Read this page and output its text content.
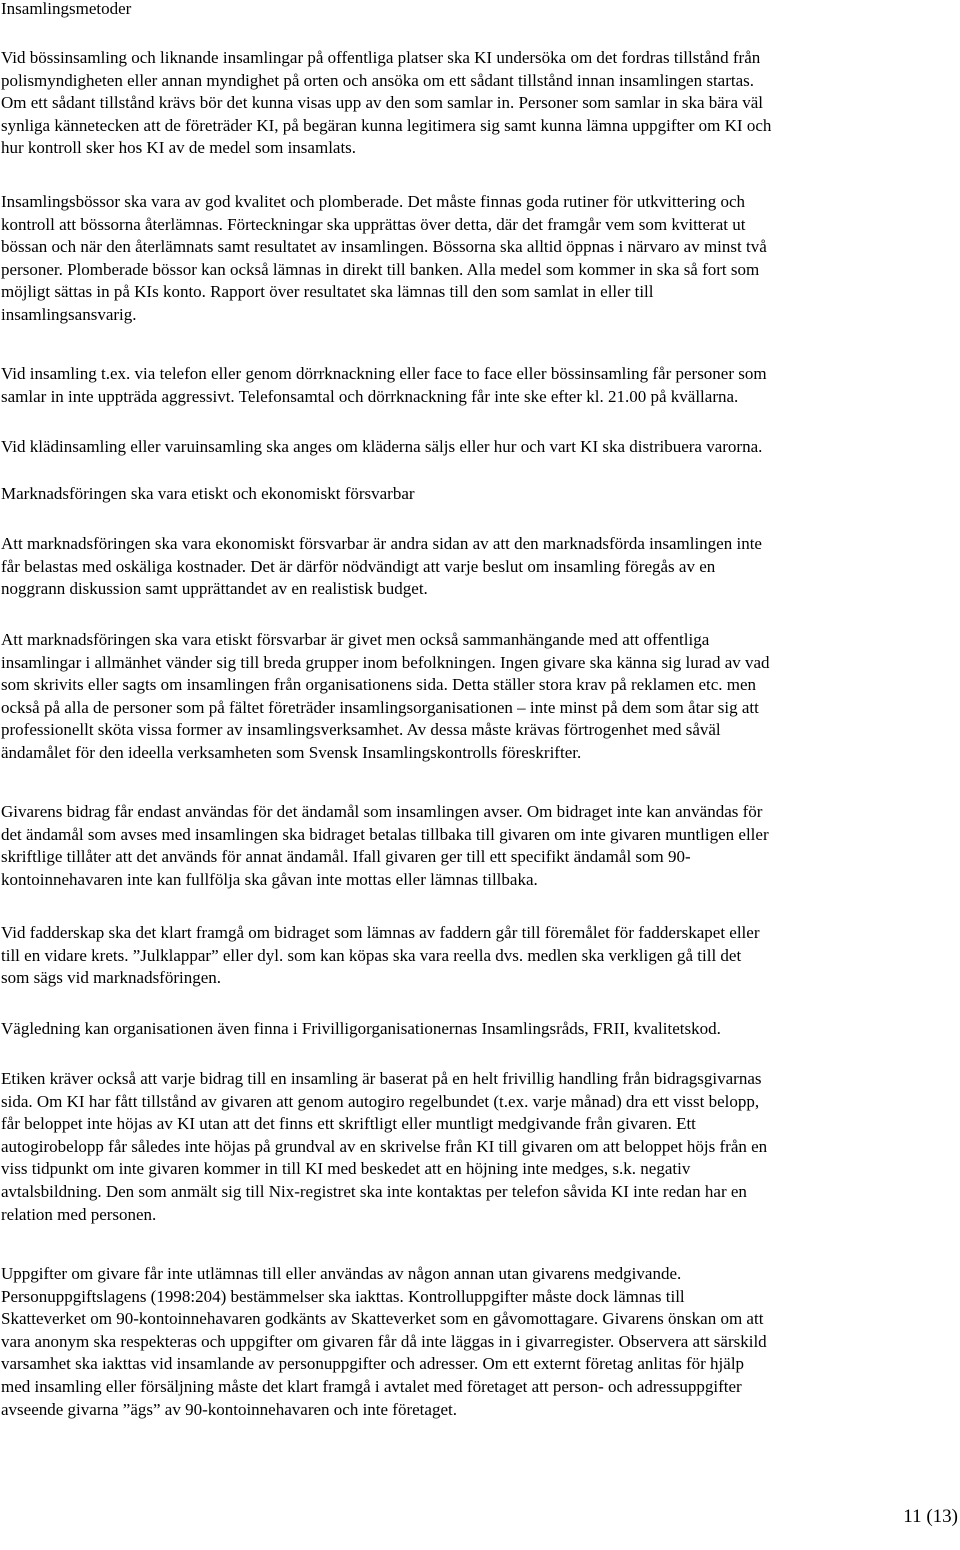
Insamlingsmetoder
Vid bössinsamling och liknande insamlingar på offentliga platser ska KI undersöka om det fordras tillstånd från
polismyndigheten eller annan myndighet på orten och ansöka om ett sådant tillstånd innan insamlingen startas.
Om ett sådant tillstånd krävs bör det kunna visas upp av den som samlar in. Personer som samlar in ska bära väl
synliga kännetecken att de företräder KI, på begäran kunna legitimera sig samt kunna lämna uppgifter om KI och
hur kontroll sker hos KI av de medel som insamlats.
Insamlingsbössor ska vara av god kvalitet och plomberade. Det måste finnas goda rutiner för utkvittering och
kontroll att bössorna återlämnas. Förteckningar ska upprättas över detta, där det framgår vem som kvitterat ut
bössan och när den återlämnats samt resultatet av insamlingen. Bössorna ska alltid öppnas i närvaro av minst två
personer. Plomberade bössor kan också lämnas in direkt till banken. Alla medel som kommer in ska så fort som
möjligt sättas in på KIs konto. Rapport över resultatet ska lämnas till den som samlat in eller till
insamlingsansvarig.
Vid insamling t.ex. via telefon eller genom dörrknackning eller face to face eller bössinsamling får personer som
samlar in inte uppträda aggressivt. Telefonsamtal och dörrknackning får inte ske efter kl. 21.00 på kvällarna.
Vid klädinsamling eller varuinsamling ska anges om kläderna säljs eller hur och vart KI ska distribuera varorna.
Marknadsföringen ska vara etiskt och ekonomiskt försvarbar
Att marknadsföringen ska vara ekonomiskt försvarbar är andra sidan av att den marknadsförda insamlingen inte
får belastas med oskäliga kostnader. Det är därför nödvändigt att varje beslut om insamling föregås av en
noggrann diskussion samt upprättandet av en realistisk budget.
Att marknadsföringen ska vara etiskt försvarbar är givet men också sammanhängande med att offentliga
insamlingar i allmänhet vänder sig till breda grupper inom befolkningen. Ingen givare ska känna sig lurad av vad
som skrivits eller sagts om insamlingen från organisationens sida. Detta ställer stora krav på reklamen etc. men
också på alla de personer som på fältet företräder insamlingsorganisationen – inte minst på dem som åtar sig att
professionellt sköta vissa former av insamlingsverksamhet. Av dessa måste krävas förtrogenhet med såväl
ändamålet för den ideella verksamheten som Svensk Insamlingskontrolls föreskrifter.
Givarens bidrag får endast användas för det ändamål som insamlingen avser. Om bidraget inte kan användas för
det ändamål som avses med insamlingen ska bidraget betalas tillbaka till givaren om inte givaren muntligen eller
skriftlige tillåter att det används för annat ändamål. Ifall givaren ger till ett specifikt ändamål som 90-
kontoinnehavaren inte kan fullfölja ska gåvan inte mottas eller lämnas tillbaka.
Vid fadderskap ska det klart framgå om bidraget som lämnas av faddern går till föremålet för fadderskapet eller
till en vidare krets. ”Julklappar” eller dyl. som kan köpas ska vara reella dvs. medlen ska verkligen gå till det
som sägs vid marknadsföringen.
Vägledning kan organisationen även finna i Frivilligorganisationernas Insamlingsråds, FRII, kvalitetskod.
Etiken kräver också att varje bidrag till en insamling är baserat på en helt frivillig handling från bidragsgivarnas
sida. Om KI har fått tillstånd av givaren att genom autogiro regelbundet (t.ex. varje månad) dra ett visst belopp,
får beloppet inte höjas av KI utan att det finns ett skriftligt eller muntligt medgivande från givaren. Ett
autogirobelopp får således inte höjas på grundval av en skrivelse från KI till givaren om att beloppet höjs från en
viss tidpunkt om inte givaren kommer in till KI med beskedet att en höjning inte medges, s.k. negativ
avtalsbildning. Den som anmält sig till Nix-registret ska inte kontaktas per telefon såvida KI inte redan har en
relation med personen.
Uppgifter om givare får inte utlämnas till eller användas av någon annan utan givarens medgivande.
Personuppgiftslagens (1998:204) bestämmelser ska iakttas. Kontrolluppgifter måste dock lämnas till
Skatteverket om 90-kontoinnehavaren godkänts av Skatteverket som en gåvomottagare. Givarens önskan om att
vara anonym ska respekteras och uppgifter om givaren får då inte läggas in i givarregister. Observera att särskild
varsamhet ska iakttas vid insamlande av personuppgifter och adresser. Om ett externt företag anlitas för hjälp
med insamling eller försäljning måste det klart framgå i avtalet med företaget att person- och adressuppgifter
avseende givarna ”ägs” av 90-kontoinnehavaren och inte företaget.
11 (13)
